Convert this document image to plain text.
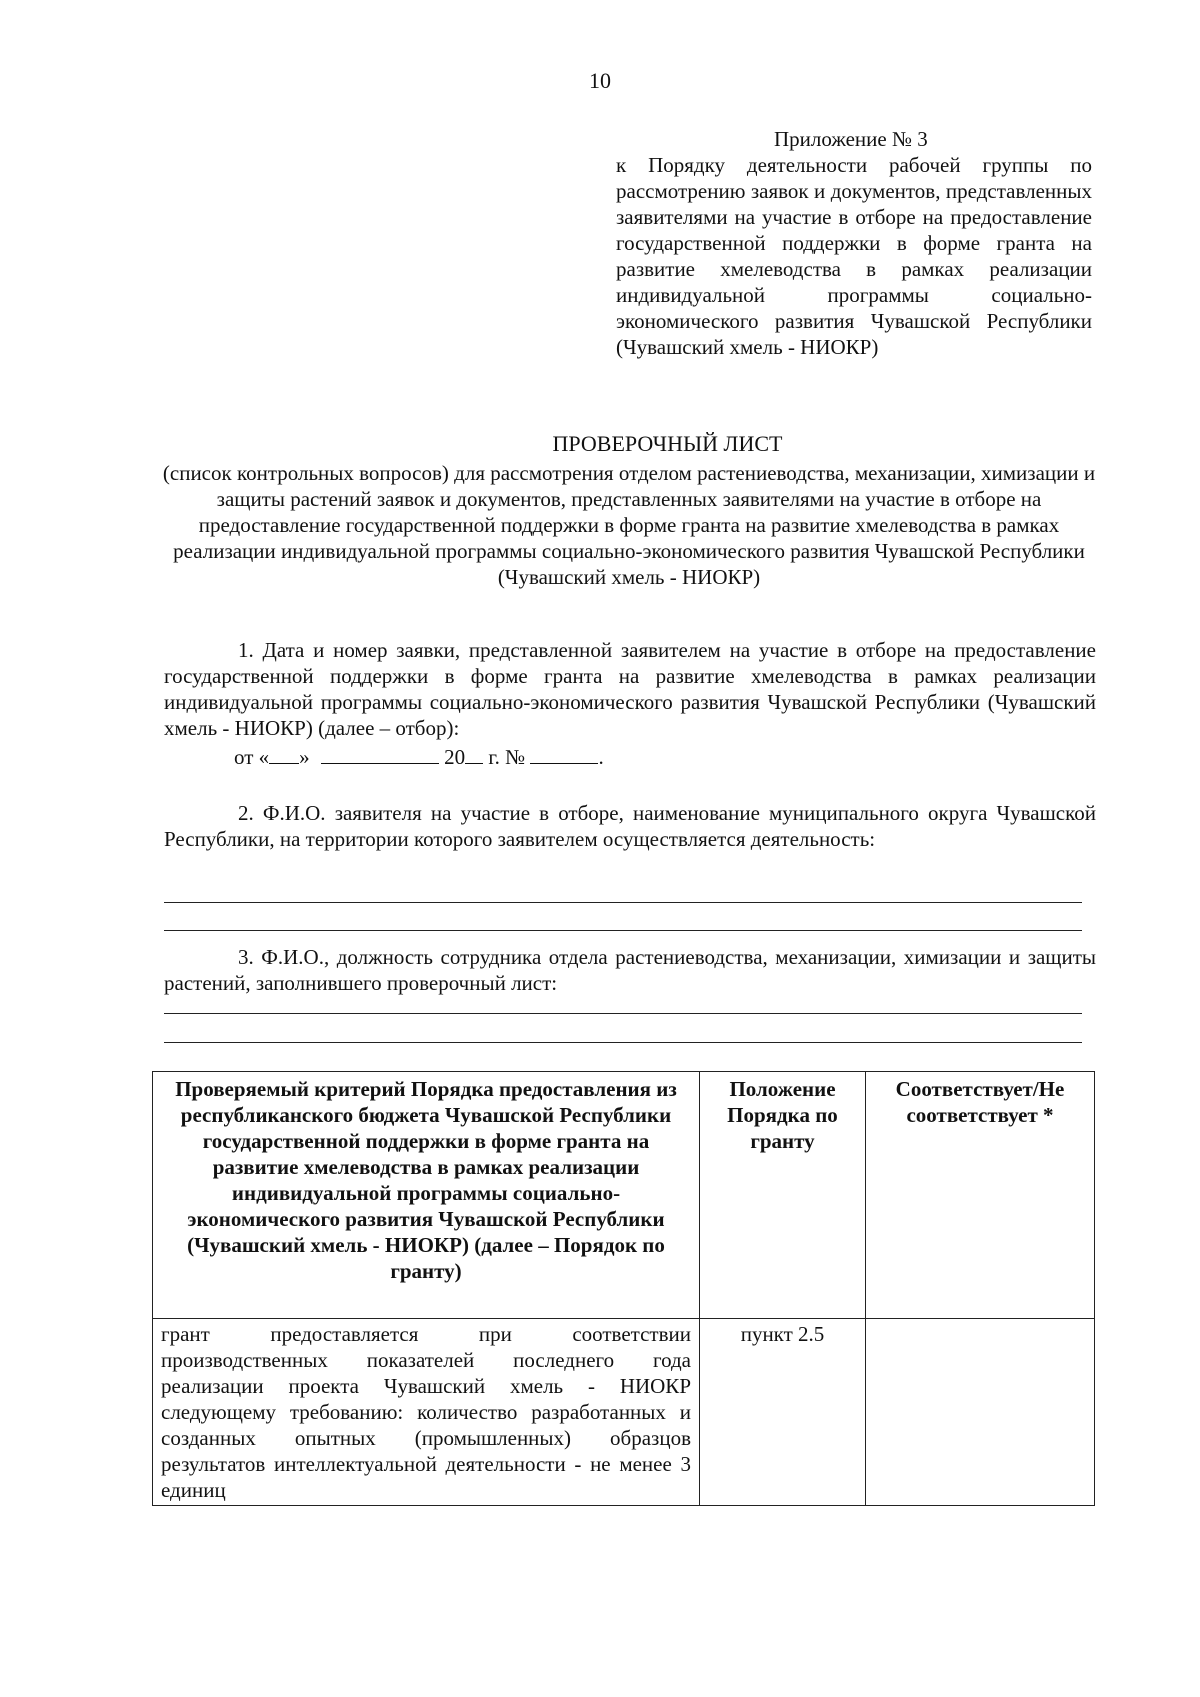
10
Приложение № 3
к Порядку деятельности рабочей группы по рассмотрению заявок и документов, представленных заявителями на участие в отборе на предоставление государственной поддержки в форме гранта на развитие хмелеводства в рамках реализации индивидуальной программы социально-экономического развития Чувашской Республики (Чувашский хмель - НИОКР)
ПРОВЕРОЧНЫЙ ЛИСТ
(список контрольных вопросов) для рассмотрения отделом растениеводства, механизации, химизации и защиты растений заявок и документов, представленных заявителями на участие в отборе на предоставление государственной поддержки в форме гранта на развитие хмелеводства в рамках реализации индивидуальной программы социально-экономического развития Чувашской Республики (Чувашский хмель - НИОКР)
1. Дата и номер заявки, представленной заявителем на участие в отборе на предоставление государственной поддержки в форме гранта на развитие хмелеводства в рамках реализации индивидуальной программы социально-экономического развития Чувашской Республики (Чувашский хмель - НИОКР) (далее – отбор):
от « »	20 г. №	.
2. Ф.И.О. заявителя на участие в отборе, наименование муниципального округа Чувашской Республики, на территории которого заявителем осуществляется деятельность:
3. Ф.И.О., должность сотрудника отдела растениеводства, механизации, химизации и защиты растений, заполнившего проверочный лист:
Проверяемый критерий Порядка предоставления из республиканского бюджета Чувашской Республики государственной поддержки в форме гранта на развитие хмелеводства в рамках реализации индивидуальной программы социально-экономического развития Чувашской Республики (Чувашский хмель - НИОКР) (далее – Порядок по гранту)	Положение Порядка по гранту	Соответствует/Не соответствует *
грант предоставляется при соответствии производственных показателей последнего года реализации проекта Чувашский хмель - НИОКР следующему требованию: количество разработанных и созданных опытных (промышленных) образцов результатов интеллектуальной деятельности - не менее 3 единиц	пункт 2.5	
